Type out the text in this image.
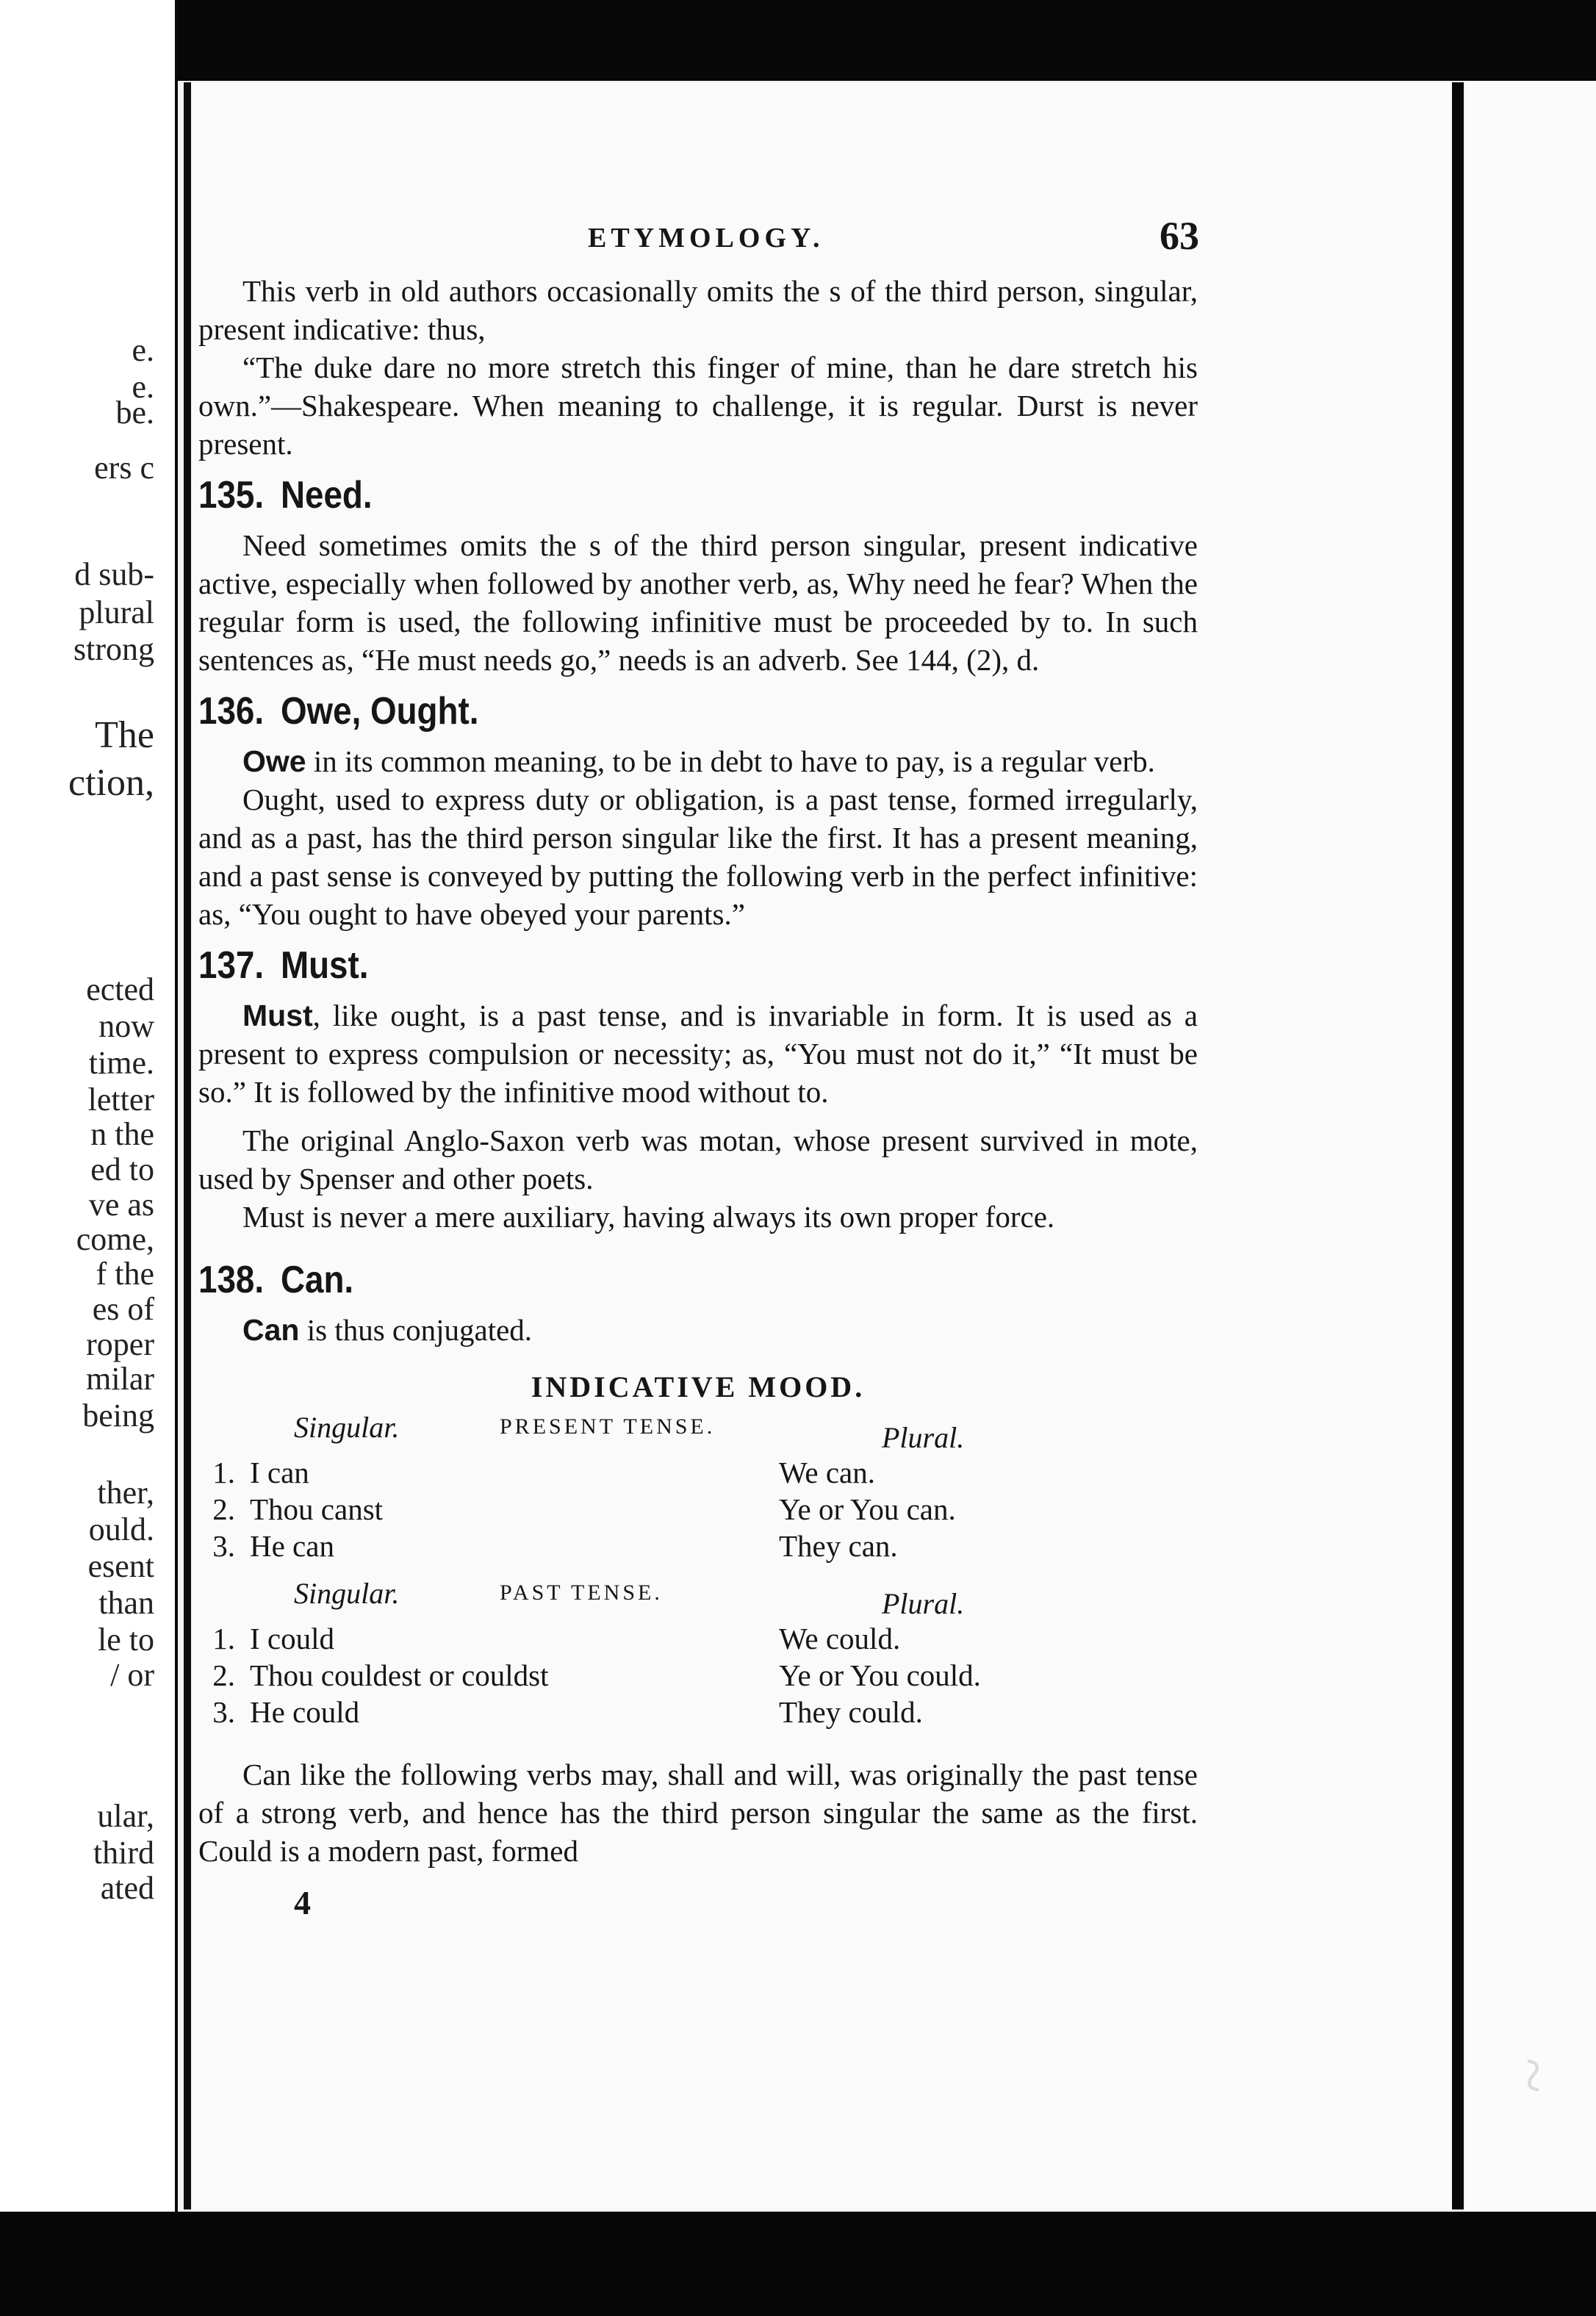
e.
e.
be.
ers c
d sub-
plural
strong
The
ction,
ected
now
time.
letter
n the
ed to
ve as
come,
f the
es of
roper
milar
being
ther,
ould.
esent
than
le to
/ or
ular,
third
ated
~
ETYMOLOGY.	63

This verb in old authors occasionally omits the s of the third person, singular, present indicative: thus,

“The duke dare no more stretch this finger of mine, than he dare stretch his own.”—Shakespeare. When meaning to challenge, it is regular. Durst is never present.

135. Need.

Need sometimes omits the s of the third person singular, present indicative active, especially when followed by another verb, as, Why need he fear? When the regular form is used, the following infinitive must be proceeded by to. In such sentences as, “He must needs go,” needs is an adverb. See 144, (2), d.

136. Owe, Ought.

Owe in its common meaning, to be in debt to have to pay, is a regular verb.

Ought, used to express duty or obligation, is a past tense, formed irregularly, and as a past, has the third person singular like the first. It has a present meaning, and a past sense is conveyed by putting the following verb in the perfect infinitive: as, “You ought to have obeyed your parents.”

137. Must.

Must, like ought, is a past tense, and is invariable in form. It is used as a present to express compulsion or necessity; as, “You must not do it,” “It must be so.” It is followed by the infinitive mood without to.

The original Anglo-Saxon verb was motan, whose present survived in mote, used by Spenser and other poets.

Must is never a mere auxiliary, having always its own proper force.

138. Can.

Can is thus conjugated.

INDICATIVE MOOD.
Singular.	PRESENT TENSE.	Plural.
1. I can	We can.
2. Thou canst	Ye or You can.
3. He can	They can.
Singular.	PAST TENSE.	Plural.
1. I could	We could.
2. Thou couldest or couldst	Ye or You could.
3. He could	They could.

Can like the following verbs may, shall and will, was originally the past tense of a strong verb, and hence has the third person singular the same as the first. Could is a modern past, formed

4
